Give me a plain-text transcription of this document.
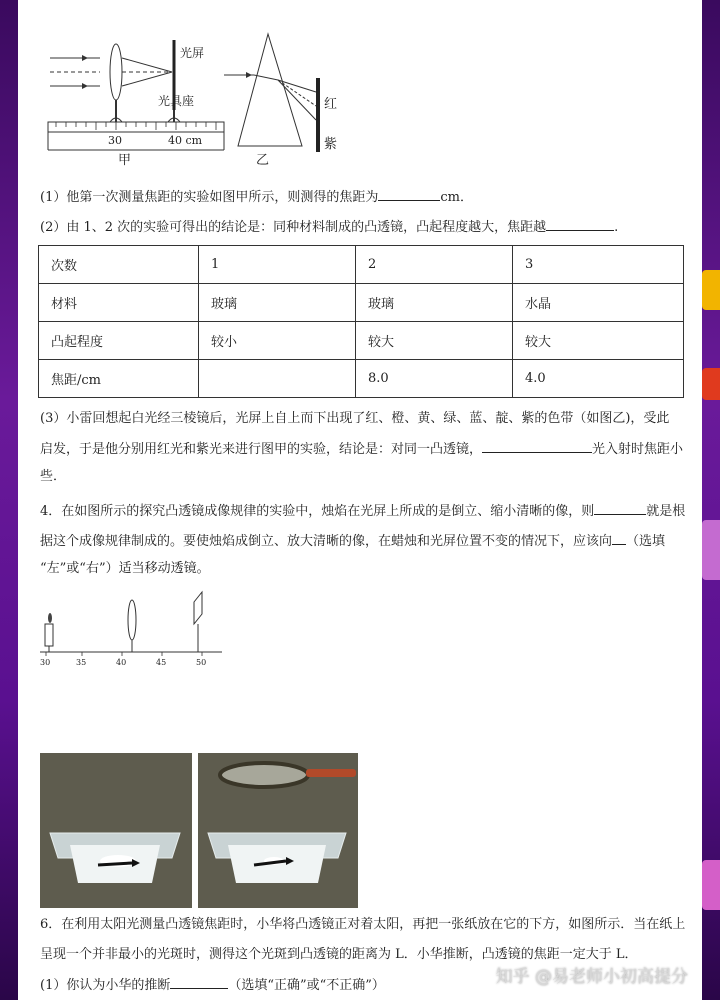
光屏
光具座
30	40 cm
甲
红
紫
乙
(1）他第一次测量焦距的实验如图甲所示，则测得的焦距为	cm．
(2）由 1、2 次的实验可得出的结论是：同种材料制成的凸透镜，凸起程度越大，焦距越	.
次数	1	2	3
材料	玻璃	玻璃	水晶
凸起程度	较小	较大	较大
焦距/cm		8.0	4.0
(3）小雷回想起白光经三棱镜后，光屏上自上而下出现了红、橙、黄、绿、蓝、靛、紫的色带（如图乙)，受此
启发，于是他分别用红光和紫光来进行图甲的实验，结论是：对同一凸透镜，	光入射时焦距小
些．
4．在如图所示的探究凸透镜成像规律的实验中，烛焰在光屏上所成的是倒立、缩小清晰的像，则	就是根
据这个成像规律制成的。要使烛焰成倒立、放大清晰的像，在蜡烛和光屏位置不变的情况下，应该向 （选填
“左”或“右”）适当移动透镜。
30	35	40	45	50
6．在利用太阳光测量凸透镜焦距时，小华将凸透镜正对着太阳，再把一张纸放在它的下方，如图所示．当在纸上
呈现一个并非最小的光斑时，测得这个光斑到凸透镜的距离为 L．小华推断，凸透镜的焦距一定大于 L．
(1）你认为小华的推断	（选填“正确”或“不正确”）	知乎 @易老师小初高提分
